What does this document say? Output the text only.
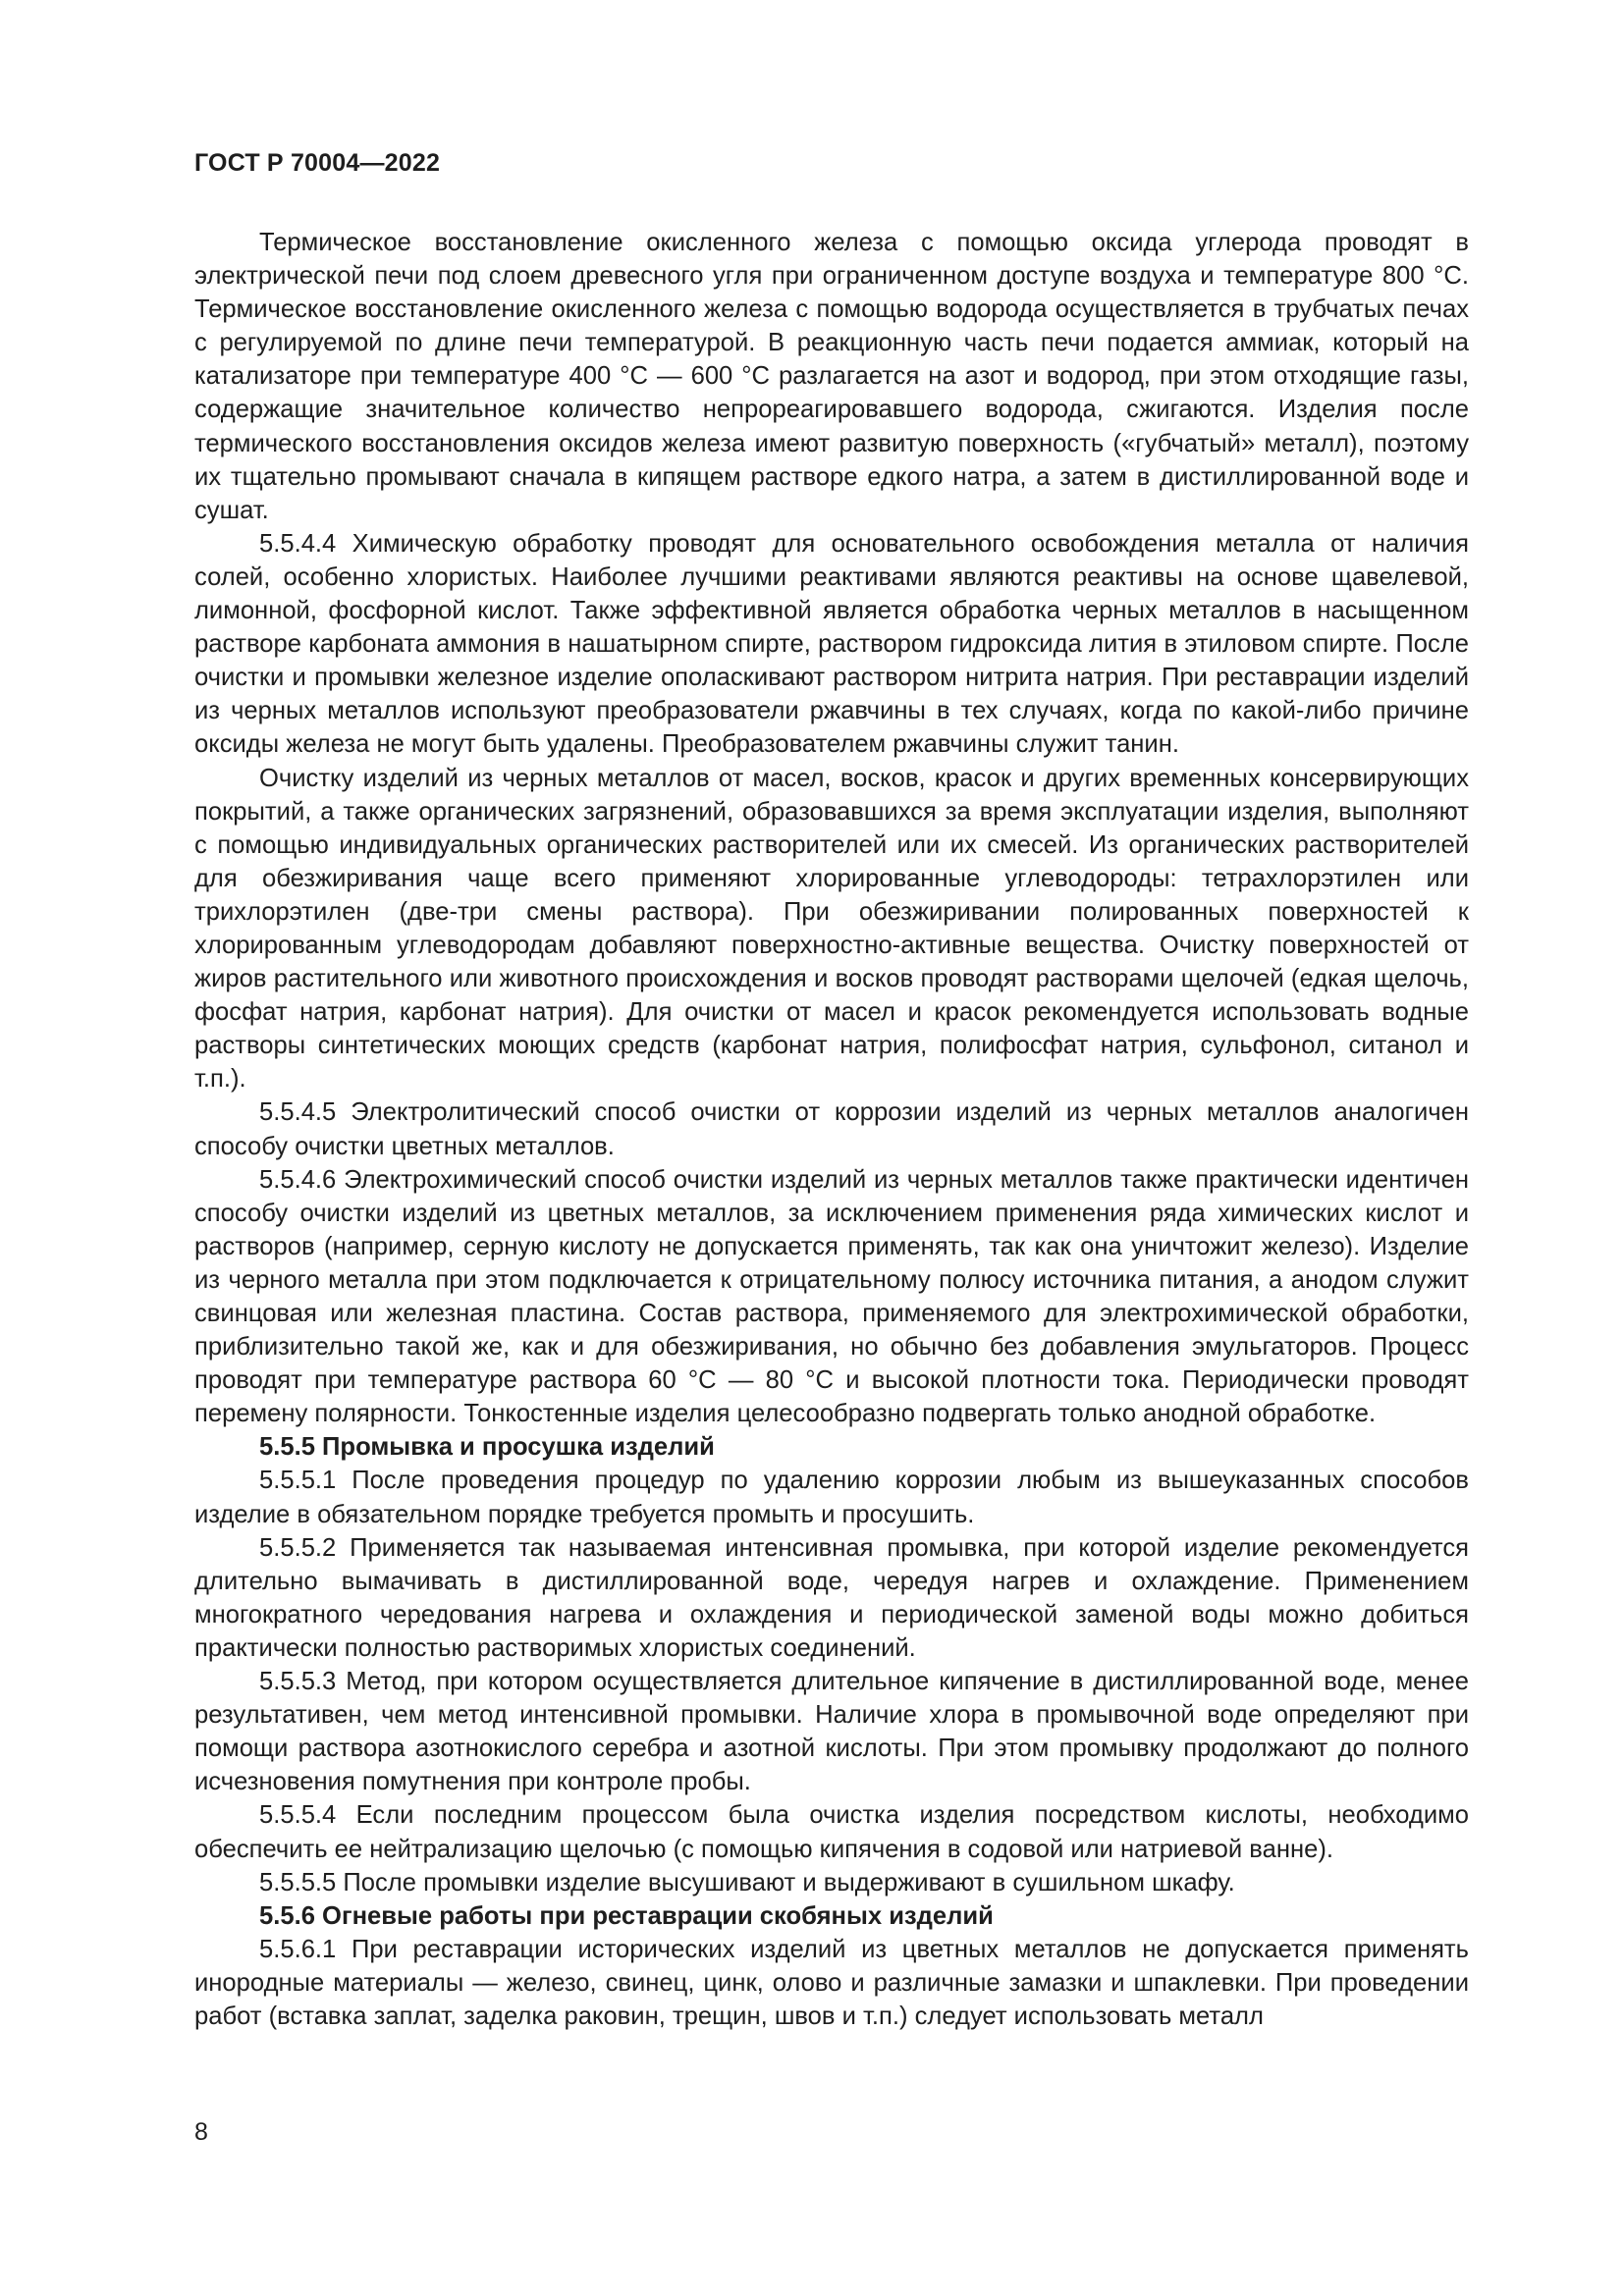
ГОСТ Р 70004—2022

Термическое восстановление окисленного железа с помощью оксида углерода проводят в электрической печи под слоем древесного угля при ограниченном доступе воздуха и температуре 800 °C. Термическое восстановление окисленного железа с помощью водорода осуществляется в трубчатых печах с регулируемой по длине печи температурой. В реакционную часть печи подается аммиак, который на катализаторе при температуре 400 °C — 600 °C разлагается на азот и водород, при этом отходящие газы, содержащие значительное количество непрореагировавшего водорода, сжигаются. Изделия после термического восстановления оксидов железа имеют развитую поверхность («губчатый» металл), поэтому их тщательно промывают сначала в кипящем растворе едкого натра, а затем в дистиллированной воде и сушат.

5.5.4.4 Химическую обработку проводят для основательного освобождения металла от наличия солей, особенно хлористых. Наиболее лучшими реактивами являются реактивы на основе щавелевой, лимонной, фосфорной кислот. Также эффективной является обработка черных металлов в насыщенном растворе карбоната аммония в нашатырном спирте, раствором гидроксида лития в этиловом спирте. После очистки и промывки железное изделие ополаскивают раствором нитрита натрия. При реставрации изделий из черных металлов используют преобразователи ржавчины в тех случаях, когда по какой-либо причине оксиды железа не могут быть удалены. Преобразователем ржавчины служит танин.

Очистку изделий из черных металлов от масел, восков, красок и других временных консервирующих покрытий, а также органических загрязнений, образовавшихся за время эксплуатации изделия, выполняют с помощью индивидуальных органических растворителей или их смесей. Из органических растворителей для обезжиривания чаще всего применяют хлорированные углеводороды: тетрахлорэтилен или трихлорэтилен (две-три смены раствора). При обезжиривании полированных поверхностей к хлорированным углеводородам добавляют поверхностно-активные вещества. Очистку поверхностей от жиров растительного или животного происхождения и восков проводят растворами щелочей (едкая щелочь, фосфат натрия, карбонат натрия). Для очистки от масел и красок рекомендуется использовать водные растворы синтетических моющих средств (карбонат натрия, полифосфат натрия, сульфонол, ситанол и т.п.).

5.5.4.5 Электролитический способ очистки от коррозии изделий из черных металлов аналогичен способу очистки цветных металлов.

5.5.4.6 Электрохимический способ очистки изделий из черных металлов также практически идентичен способу очистки изделий из цветных металлов, за исключением применения ряда химических кислот и растворов (например, серную кислоту не допускается применять, так как она уничтожит железо). Изделие из черного металла при этом подключается к отрицательному полюсу источника питания, а анодом служит свинцовая или железная пластина. Состав раствора, применяемого для электрохимической обработки, приблизительно такой же, как и для обезжиривания, но обычно без добавления эмульгаторов. Процесс проводят при температуре раствора 60 °C — 80 °C и высокой плотности тока. Периодически проводят перемену полярности. Тонкостенные изделия целесообразно подвергать только анодной обработке.

5.5.5 Промывка и просушка изделий

5.5.5.1 После проведения процедур по удалению коррозии любым из вышеуказанных способов изделие в обязательном порядке требуется промыть и просушить.

5.5.5.2 Применяется так называемая интенсивная промывка, при которой изделие рекомендуется длительно вымачивать в дистиллированной воде, чередуя нагрев и охлаждение. Применением многократного чередования нагрева и охлаждения и периодической заменой воды можно добиться практически полностью растворимых хлористых соединений.

5.5.5.3 Метод, при котором осуществляется длительное кипячение в дистиллированной воде, менее результативен, чем метод интенсивной промывки. Наличие хлора в промывочной воде определяют при помощи раствора азотнокислого серебра и азотной кислоты. При этом промывку продолжают до полного исчезновения помутнения при контроле пробы.

5.5.5.4 Если последним процессом была очистка изделия посредством кислоты, необходимо обеспечить ее нейтрализацию щелочью (с помощью кипячения в содовой или натриевой ванне).

5.5.5.5 После промывки изделие высушивают и выдерживают в сушильном шкафу.

5.5.6 Огневые работы при реставрации скобяных изделий

5.5.6.1 При реставрации исторических изделий из цветных металлов не допускается применять инородные материалы — железо, свинец, цинк, олово и различные замазки и шпаклевки. При проведении работ (вставка заплат, заделка раковин, трещин, швов и т.п.) следует использовать металл

8
